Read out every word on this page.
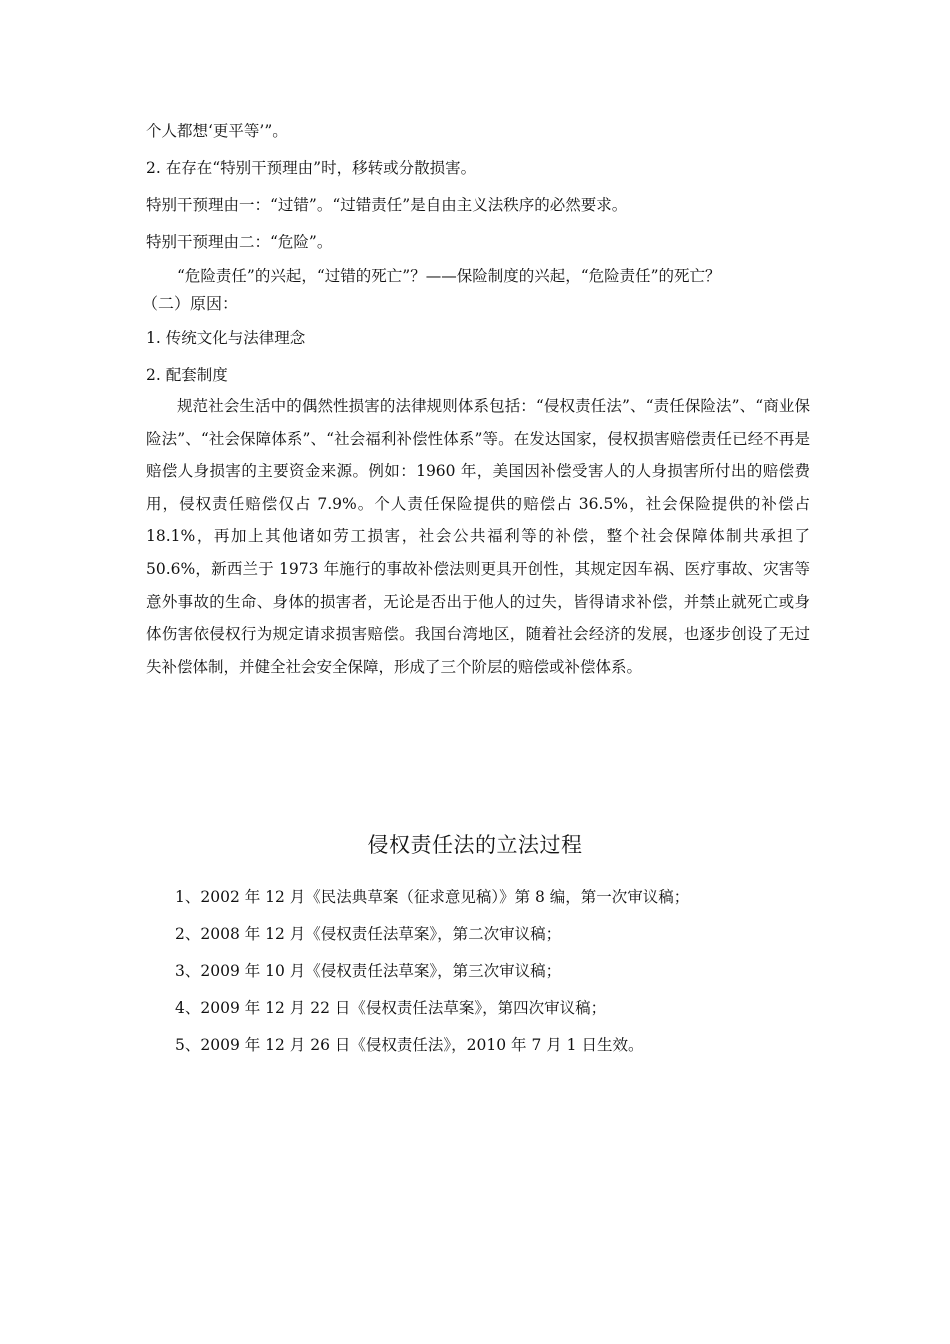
个人都想‘更平等’”。
2. 在存在“特别干预理由”时，移转或分散损害。
特别干预理由一：“过错”。“过错责任”是自由主义法秩序的必然要求。
特别干预理由二：“危险”。
“危险责任”的兴起，“过错的死亡”？——保险制度的兴起，“危险责任”的死亡？
（二）原因：
1. 传统文化与法律理念
2. 配套制度
规范社会生活中的偶然性损害的法律规则体系包括：“侵权责任法”、“责任保险法”、“商业保险法”、“社会保障体系”、“社会福利补偿性体系”等。在发达国家，侵权损害赔偿责任已经不再是赔偿人身损害的主要资金来源。例如：1960 年，美国因补偿受害人的人身损害所付出的赔偿费用，侵权责任赔偿仅占 7.9%。个人责任保险提供的赔偿占 36.5%，社会保险提供的补偿占 18.1%，再加上其他诸如劳工损害，社会公共福利等的补偿，整个社会保障体制共承担了 50.6%，新西兰于 1973 年施行的事故补偿法则更具开创性，其规定因车祸、医疗事故、灾害等意外事故的生命、身体的损害者，无论是否出于他人的过失，皆得请求补偿，并禁止就死亡或身体伤害依侵权行为规定请求损害赔偿。我国台湾地区，随着社会经济的发展，也逐步创设了无过失补偿体制，并健全社会安全保障，形成了三个阶层的赔偿或补偿体系。
侵权责任法的立法过程
1、2002 年 12 月《民法典草案（征求意见稿）》第 8 编，第一次审议稿；
2、2008 年 12 月《侵权责任法草案》，第二次审议稿；
3、2009 年 10 月《侵权责任法草案》，第三次审议稿；
4、2009 年 12 月 22 日《侵权责任法草案》，第四次审议稿；
5、2009 年 12 月 26 日《侵权责任法》，2010 年 7 月 1 日生效。
